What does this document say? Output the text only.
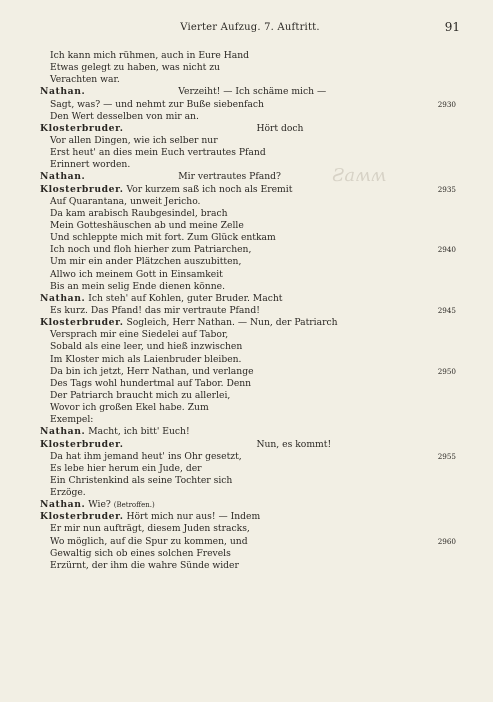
Vierter Aufzug. 7. Auftritt.	91
Ƨaʍʍ
Ich kann mich rühmen, auch in Eure Hand
Etwas gelegt zu haben, was nicht zu
Verachten war.
Nathan.	Verzeiht! — Ich schäme mich —
Sagt, was? — und nehmt zur Buße siebenfach	2930
Den Wert desselben von mir an.
Klosterbruder.	Hört doch
Vor allen Dingen, wie ich selber nur
Erst heut' an dies mein Euch vertrautes Pfand
Erinnert worden.
Nathan.	Mir vertrautes Pfand?
Klosterbruder. Vor kurzem saß ich noch als Eremit	2935
Auf Quarantana, unweit Jericho.
Da kam arabisch Raubgesindel, brach
Mein Gotteshäuschen ab und meine Zelle
Und schleppte mich mit fort. Zum Glück entkam
Ich noch und floh hierher zum Patriarchen,	2940
Um mir ein ander Plätzchen auszubitten,
Allwo ich meinem Gott in Einsamkeit
Bis an mein selig Ende dienen könne.
Nathan. Ich steh' auf Kohlen, guter Bruder. Macht
Es kurz. Das Pfand! das mir vertraute Pfand!	2945
Klosterbruder. Sogleich, Herr Nathan. — Nun, der Patriarch
Versprach mir eine Siedelei auf Tabor,
Sobald als eine leer, und hieß inzwischen
Im Kloster mich als Laienbruder bleiben.
Da bin ich jetzt, Herr Nathan, und verlange	2950
Des Tags wohl hundertmal auf Tabor. Denn
Der Patriarch braucht mich zu allerlei,
Wovor ich großen Ekel habe. Zum
Exempel:
Nathan. Macht, ich bitt' Euch!
Klosterbruder.	Nun, es kommt!
Da hat ihm jemand heut' ins Ohr gesetzt,	2955
Es lebe hier herum ein Jude, der
Ein Christenkind als seine Tochter sich
Erzöge.
Nathan. Wie? (Betroffen.)
Klosterbruder. Hört mich nur aus! — Indem
Er mir nun aufträgt, diesem Juden stracks,
Wo möglich, auf die Spur zu kommen, und	2960
Gewaltig sich ob eines solchen Frevels
Erzürnt, der ihm die wahre Sünde wider
